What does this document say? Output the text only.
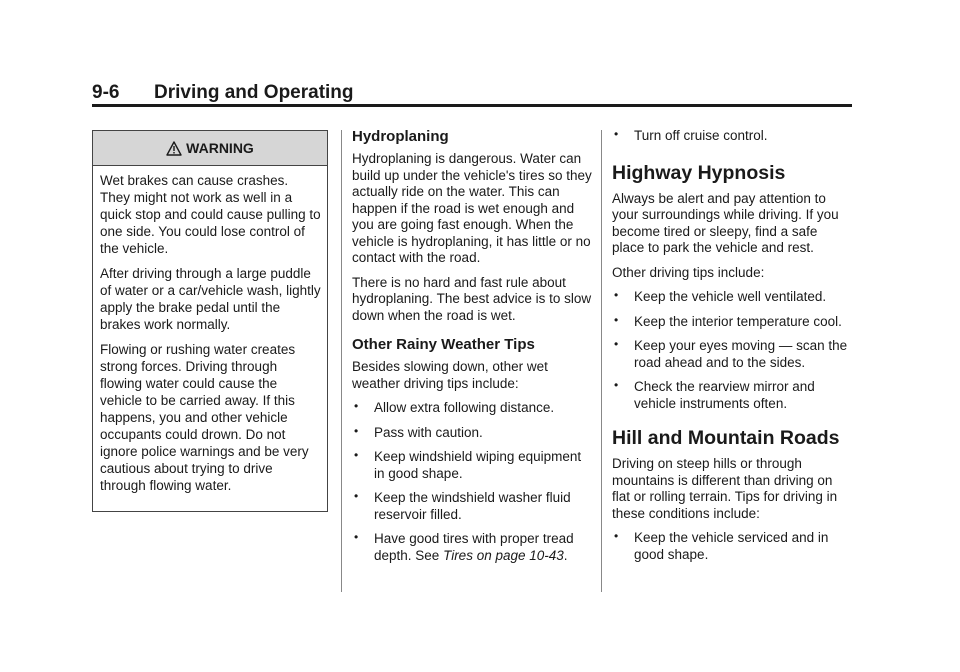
9-6 Driving and Operating
WARNING

Wet brakes can cause crashes. They might not work as well in a quick stop and could cause pulling to one side. You could lose control of the vehicle.

After driving through a large puddle of water or a car/vehicle wash, lightly apply the brake pedal until the brakes work normally.

Flowing or rushing water creates strong forces. Driving through flowing water could cause the vehicle to be carried away. If this happens, you and other vehicle occupants could drown. Do not ignore police warnings and be very cautious about trying to drive through flowing water.

Hydroplaning

Hydroplaning is dangerous. Water can build up under the vehicle's tires so they actually ride on the water. This can happen if the road is wet enough and you are going fast enough. When the vehicle is hydroplaning, it has little or no contact with the road.

There is no hard and fast rule about hydroplaning. The best advice is to slow down when the road is wet.

Other Rainy Weather Tips

Besides slowing down, other wet weather driving tips include:

• Allow extra following distance.
• Pass with caution.
• Keep windshield wiping equipment in good shape.
• Keep the windshield washer fluid reservoir filled.
• Have good tires with proper tread depth. See Tires on page 10-43.
• Turn off cruise control.
Highway Hypnosis

Always be alert and pay attention to your surroundings while driving. If you become tired or sleepy, find a safe place to park the vehicle and rest.

Other driving tips include:

• Keep the vehicle well ventilated.
• Keep the interior temperature cool.
• Keep your eyes moving — scan the road ahead and to the sides.
• Check the rearview mirror and vehicle instruments often.
Hill and Mountain Roads

Driving on steep hills or through mountains is different than driving on flat or rolling terrain. Tips for driving in these conditions include:

• Keep the vehicle serviced and in good shape.
